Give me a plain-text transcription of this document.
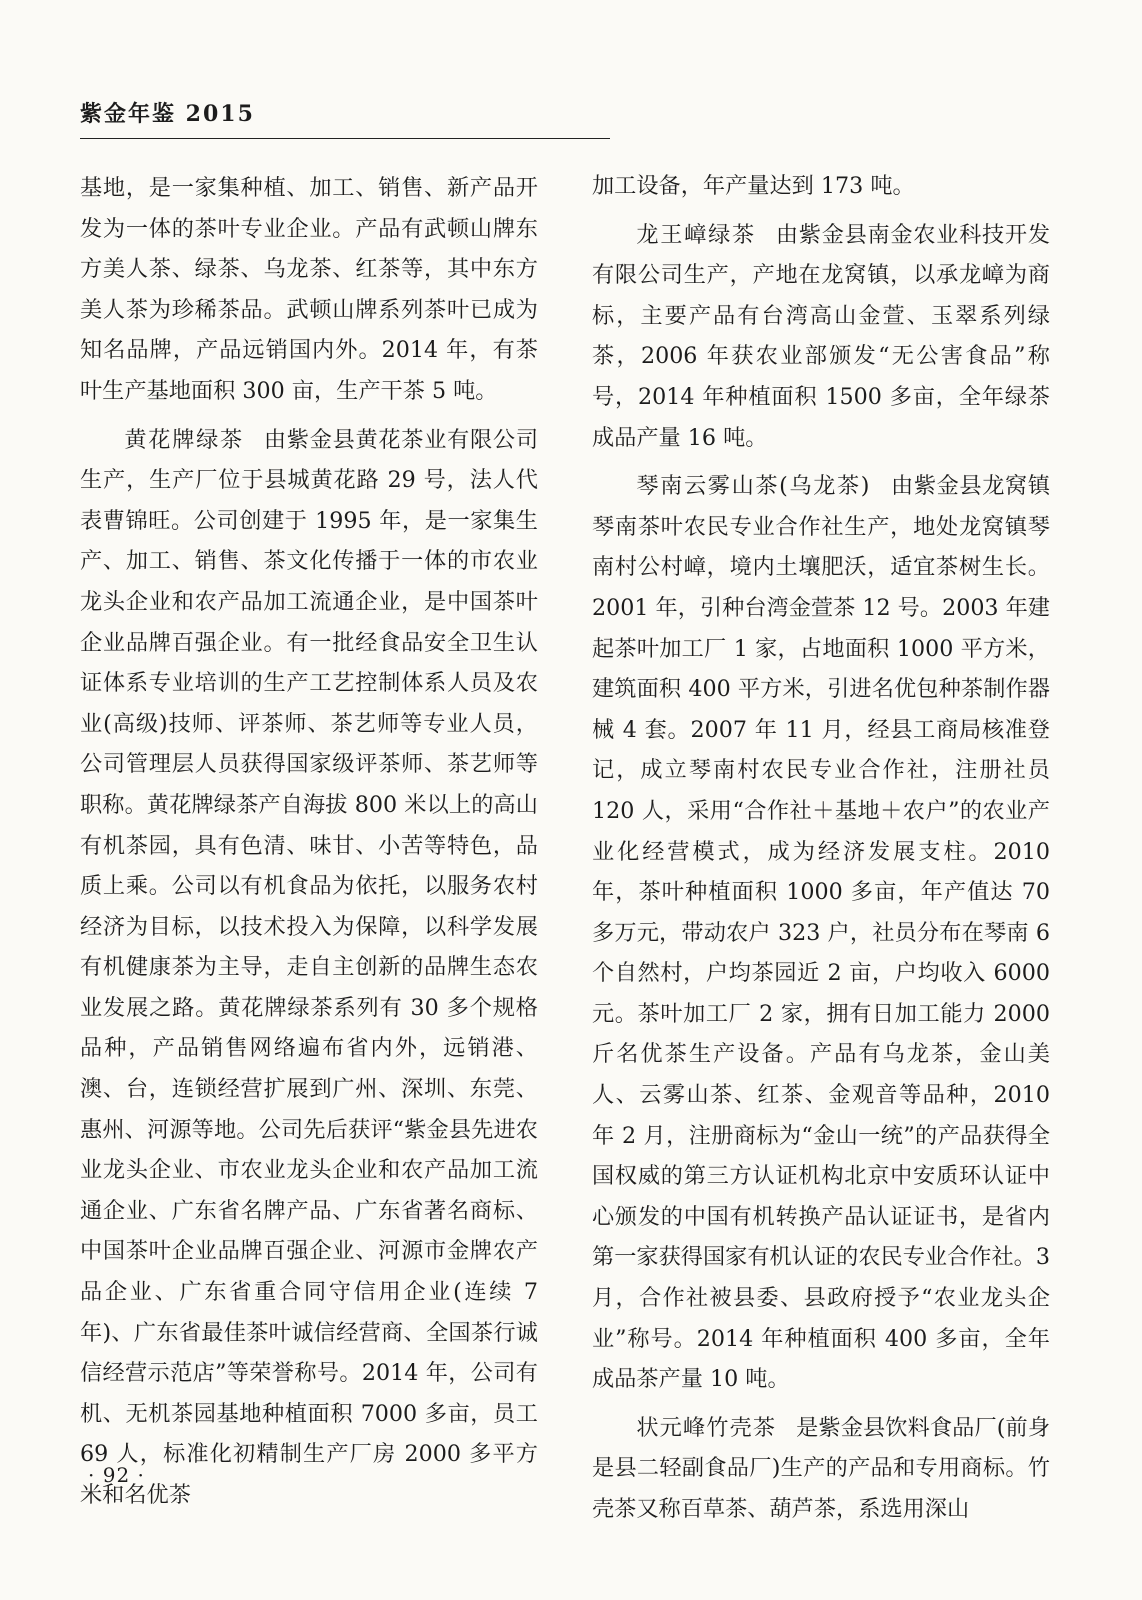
紫金年鉴 2015

基地，是一家集种植、加工、销售、新产品开发为一体的茶叶专业企业。产品有武顿山牌东方美人茶、绿茶、乌龙茶、红茶等，其中东方美人茶为珍稀茶品。武顿山牌系列茶叶已成为知名品牌，产品远销国内外。2014 年，有茶叶生产基地面积 300 亩，生产干茶 5 吨。

黄花牌绿茶 由紫金县黄花茶业有限公司生产，生产厂位于县城黄花路 29 号，法人代表曹锦旺。公司创建于 1995 年，是一家集生产、加工、销售、茶文化传播于一体的市农业龙头企业和农产品加工流通企业，是中国茶叶企业品牌百强企业。有一批经食品安全卫生认证体系专业培训的生产工艺控制体系人员及农业(高级)技师、评茶师、茶艺师等专业人员，公司管理层人员获得国家级评茶师、茶艺师等职称。黄花牌绿茶产自海拔 800 米以上的高山有机茶园，具有色清、味甘、小苦等特色，品质上乘。公司以有机食品为依托，以服务农村经济为目标，以技术投入为保障，以科学发展有机健康茶为主导，走自主创新的品牌生态农业发展之路。黄花牌绿茶系列有 30 多个规格品种，产品销售网络遍布省内外，远销港、澳、台，连锁经营扩展到广州、深圳、东莞、惠州、河源等地。公司先后获评“紫金县先进农业龙头企业、市农业龙头企业和农产品加工流通企业、广东省名牌产品、广东省著名商标、中国茶叶企业品牌百强企业、河源市金牌农产品企业、广东省重合同守信用企业(连续 7 年)、广东省最佳茶叶诚信经营商、全国茶行诚信经营示范店”等荣誉称号。2014 年，公司有机、无机茶园基地种植面积 7000 多亩，员工 69 人，标准化初精制生产厂房 2000 多平方米和名优茶

加工设备，年产量达到 173 吨。

龙王嶂绿茶 由紫金县南金农业科技开发有限公司生产，产地在龙窝镇，以承龙嶂为商标，主要产品有台湾高山金萱、玉翠系列绿茶，2006 年获农业部颁发“无公害食品”称号，2014 年种植面积 1500 多亩，全年绿茶成品产量 16 吨。

琴南云雾山茶(乌龙茶) 由紫金县龙窝镇琴南茶叶农民专业合作社生产，地处龙窝镇琴南村公村嶂，境内土壤肥沃，适宜茶树生长。2001 年，引种台湾金萱茶 12 号。2003 年建起茶叶加工厂 1 家，占地面积 1000 平方米，建筑面积 400 平方米，引进名优包种茶制作器械 4 套。2007 年 11 月，经县工商局核准登记，成立琴南村农民专业合作社，注册社员 120 人，采用“合作社＋基地＋农户”的农业产业化经营模式，成为经济发展支柱。2010 年，茶叶种植面积 1000 多亩，年产值达 70 多万元，带动农户 323 户，社员分布在琴南 6 个自然村，户均茶园近 2 亩，户均收入 6000 元。茶叶加工厂 2 家，拥有日加工能力 2000 斤名优茶生产设备。产品有乌龙茶，金山美人、云雾山茶、红茶、金观音等品种，2010 年 2 月，注册商标为“金山一统”的产品获得全国权威的第三方认证机构北京中安质环认证中心颁发的中国有机转换产品认证证书，是省内第一家获得国家有机认证的农民专业合作社。3 月，合作社被县委、县政府授予“农业龙头企业”称号。2014 年种植面积 400 多亩，全年成品茶产量 10 吨。

状元峰竹壳茶 是紫金县饮料食品厂(前身是县二轻副食品厂)生产的产品和专用商标。竹壳茶又称百草茶、葫芦茶，系选用深山

· 92 ·
